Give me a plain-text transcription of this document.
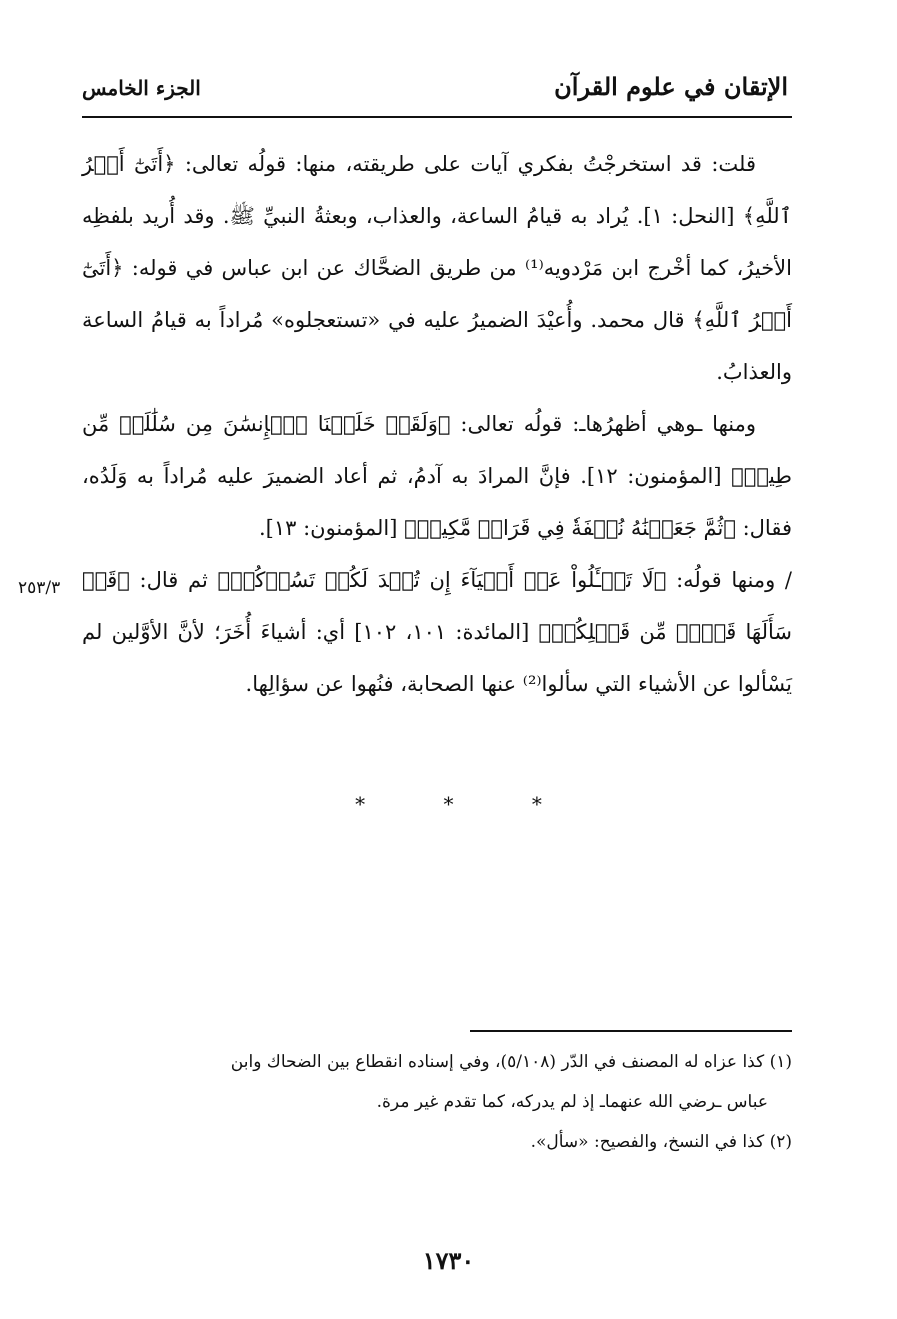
الإتقان في علوم القرآن
الجزء الخامس

قلت: قد استخرجْتُ بفكري آيات على طريقته، منها: قولُه تعالى: ﴿أَتَىٰٓ أَمۡرُ ٱللَّهِ﴾ [النحل: ١]. يُراد به قيامُ الساعة، والعذاب، وبعثةُ النبيِّ ﷺ. وقد أُريد بلفظِه الأخيرُ، كما أخْرج ابن مَرْدويه⁽¹⁾ من طريق الضحَّاك عن ابن عباس في قوله: ﴿أَتَىٰٓ أَمۡرُ ٱللَّهِ﴾ قال محمد. وأُعيْدَ الضميرُ عليه في «تستعجلوه» مُراداً به قيامُ الساعة والعذابُ.

ومنها ـوهي أظهرُهاـ: قولُه تعالى: ﴿وَلَقَدۡ خَلَقۡنَا ٱلۡإِنسَٰنَ مِن سُلَٰلَةٖ مِّن طِينٖ﴾ [المؤمنون: ١٢]. فإنَّ المرادَ به آدمُ، ثم أعاد الضميرَ عليه مُراداً به وَلَدُه، فقال: ﴿ثُمَّ جَعَلۡنَٰهُ نُطۡفَةٗ فِي قَرَارٖ مَّكِينٖ﴾ [المؤمنون: ١٣].

/ ومنها قولُه: ﴿لَا تَسۡـَٔلُواْ عَنۡ أَشۡيَآءَ إِن تُبۡدَ لَكُمۡ تَسُؤۡكُمۡ﴾ ثم قال: ﴿قَدۡ سَأَلَهَا قَوۡمٞ مِّن قَبۡلِكُمۡ﴾ [المائدة: ١٠١، ١٠٢] أي: أشياءَ أُخَرَ؛ لأنَّ الأوَّلين لم يَسْألوا عن الأشياء التي سألوا⁽²⁾ عنها الصحابة، فنُهوا عن سؤالِها.

٢٥٣/٣
* * *

(١) كذا عزاه له المصنف في الدّر (٥/١٠٨)، وفي إسناده انقطاع بين الضحاك وابن

عباس ـرضي الله عنهماـ إذ لم يدركه، كما تقدم غير مرة.

(٢) كذا في النسخ، والفصيح: «سأل».

١٧٣٠
